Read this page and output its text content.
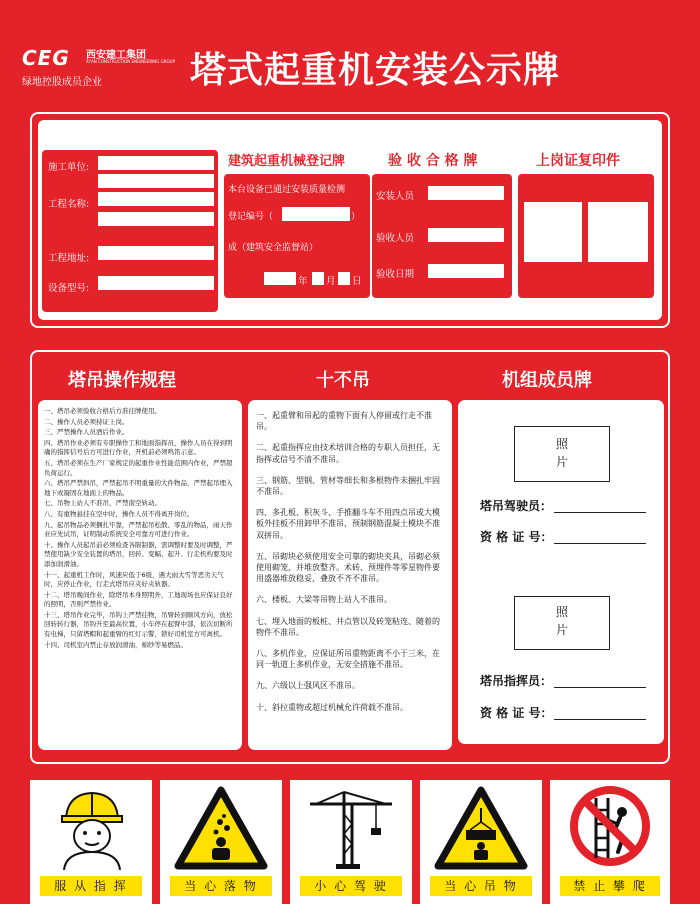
CEG 西安建工集团
XI'AN CONSTRUCTION ENGINEERING GROUP
绿地控股成员企业 塔式起重机安装公示牌
施工单位:
工程名称:
工程地址:
设备型号:
建筑起重机械登记牌
本台设备已通过安装质量检测
登记编号（	）
成（建筑安全监督站）
年 月 日
验 收 合 格 牌
安装人员
验收人员
验收日期
上岗证复印件
塔吊操作规程	十不吊	机组成员牌

一、塔吊必须验收合格后方准挂牌使用。

二、操作人员必须持证上岗。

三、严禁操作人员酒后作业。

四、塔吊作业必须有专职操作工和地面指挥员，操作人员在得到明确的指挥信号后方可进行作业，开机前必须鸣笛示意。

五、塔吊必须在生产厂家规定的起重作业性能范围内作业，严禁超负荷运行。

六、塔吊严禁斜吊，严禁起吊不明重量的大件物品，严禁起吊埋入地下或凝固在地面上的物品。

七、吊物上站人不准吊，严禁南空轨动。

八、有重物悬挂在空中时，操作人员不得离开岗位。

九、起吊物品必须捆扎牢靠，严禁起吊松散、零乱的物品，雨天作业应先试吊，证明制动系统安全可靠方可进行作业。

十、操作人员起吊前必须检查各限制器，需调整时要及时调整，严禁使用缺少安全装置的塔吊，回转、变幅、起升、行走机构要及时添加润滑油。

十一、起重机工作时，风速应低于6级，遇大雨大雪等恶劣天气时，应停止作业，行走式塔吊应夹好夹轨器。

十二、塔吊晚间作业，除塔吊本身照明外，工地现场也应保证良好的照明，否则严禁作业。

十三、塔吊作业完毕，吊钩上严禁挂物，吊臂转到顺风方向，放松回转转行器，吊钩升至最高位置，小车停在起臂中部，依次切断所有电梯，只留塔帽和起重臂的红灯示警，锁好司机室方可离机。

十四、司机室内禁止存放润滑油，棉纱等易燃品。

一、起重臂和吊起的重物下面有人停留或行走不准吊。

二、起重指挥应由技术培训合格的专职人员担任，无指挥或信号不清不准吊。

三、钢筋、型钢、管材等细长和多根物件未捆扎牢固不准吊。

四、多孔板、积灰斗、手推翻斗车不用四点吊或大模板外挂板不用卸甲不准吊，预制钢筋混凝土模块不准双拼吊。

五、吊砌块必须使用安全可靠的砌块夹具，吊砌必须使用砌笼，并堆放整齐。术砖、预埋件等零星物件要用盛器堆放稳妥，叠放不齐不准吊。

六、楼板、大梁等吊物上站人不准吊。

七、埋入地面的板桩、井点管以及砖笼粘连、随着的物件不准吊。

八、多机作业，应保证所吊重物距离不小于三米，在同一轨道上多机作业，无安全措施不准吊。

九、六级以上强风区不准吊。

十、斜拉重物或超过机械允许荷载不准吊。

照 片
塔吊驾驶员：
资 格 证 号：
照 片
塔吊指挥员：
资 格 证 号：
服 从 指 挥	当 心 落 物	小 心 驾 驶	当 心 吊 物	禁 止 攀 爬
